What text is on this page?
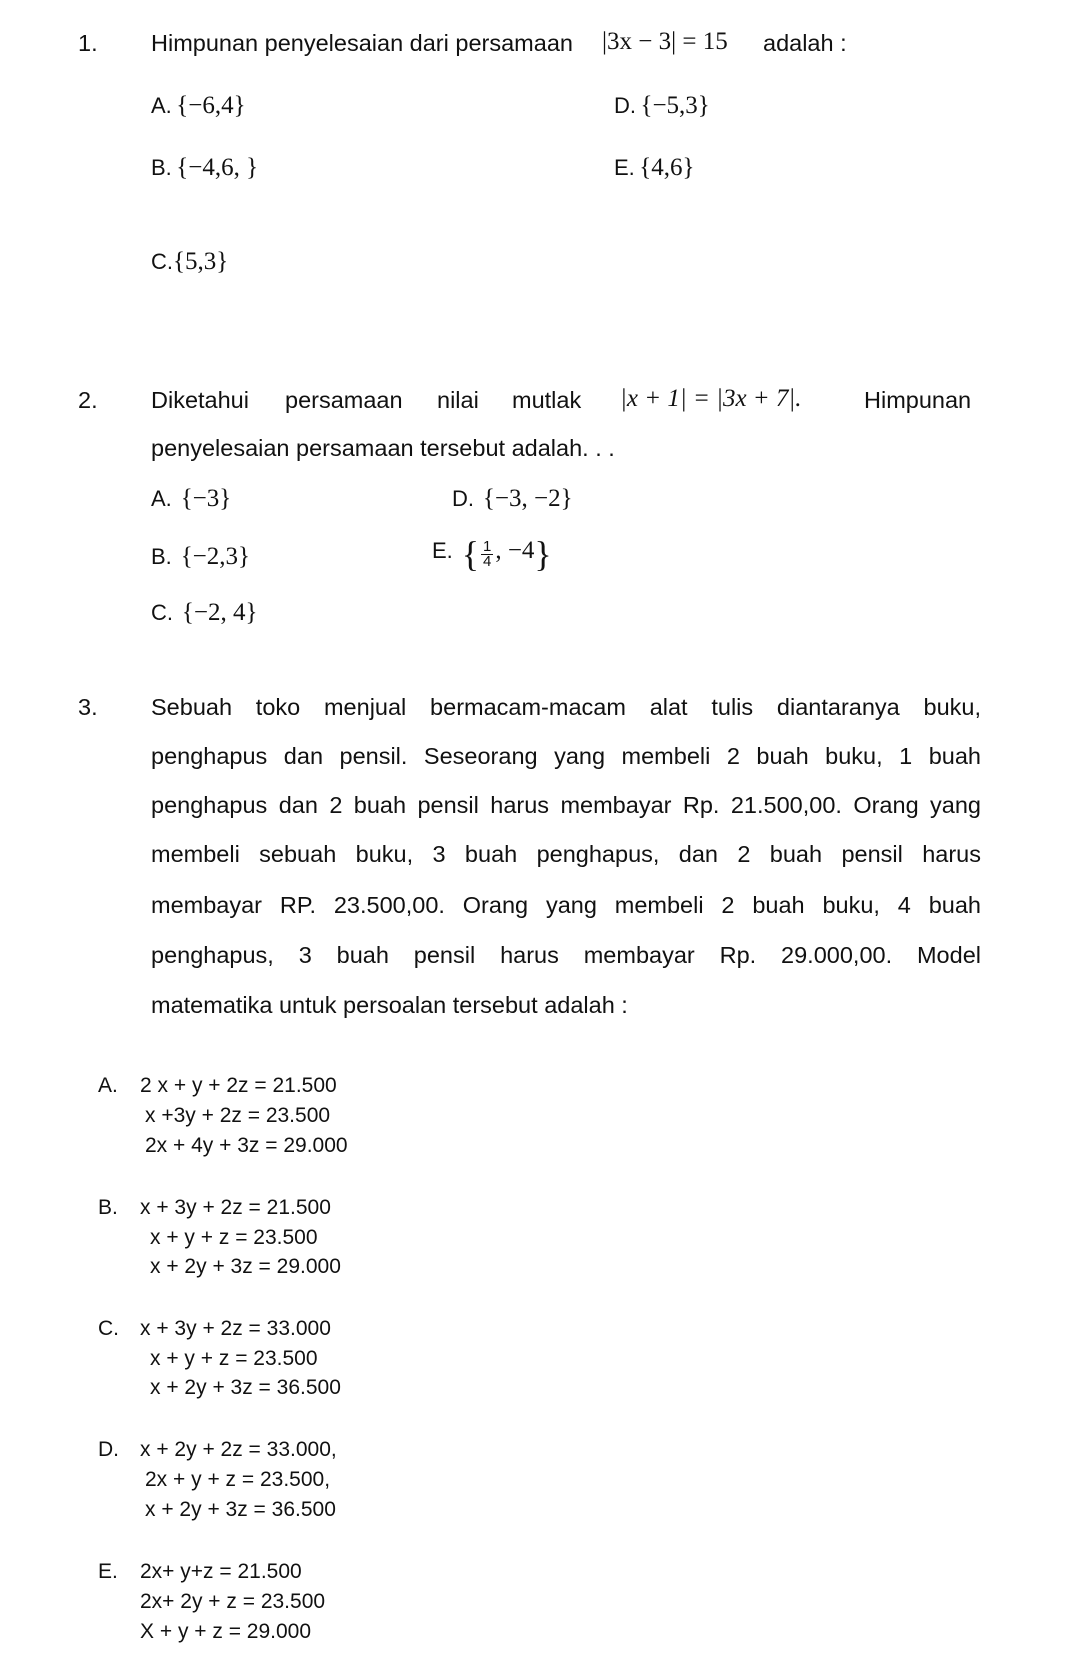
1. Himpunan penyelesaian dari persamaan |3x − 3| = 15 adalah :
A. {−6,4}
B. {−4,6, }
C.{5,3}
D. {−5,3}
E. {4,6}
2. Diketahui persamaan nilai mutlak |x + 1| = |3x + 7|.	Himpunan
penyelesaian persamaan tersebut adalah. . .
A. {−3}
B. {−2,3}
C. {−2, 4}
D. {−3, −2}
E. { $\frac{1}{4}$ , −4}
3. Sebuah toko menjual bermacam-macam alat tulis diantaranya buku,
penghapus dan pensil. Seseorang yang membeli 2 buah buku, 1 buah
penghapus dan 2 buah pensil harus membayar Rp. 21.500,00. Orang yang
membeli sebuah buku, 3 buah penghapus, dan 2 buah pensil harus
membayar RP. 23.500,00. Orang yang membeli 2 buah buku, 4 buah
penghapus, 3 buah pensil harus membayar Rp. 29.000,00. Model
matematika untuk persoalan tersebut adalah :
A. 2 x + y + 2z = 21.500
x +3y + 2z = 23.500
2x + 4y + 3z = 29.000
B. x + 3y + 2z = 21.500
x + y + z = 23.500
x + 2y + 3z = 29.000
C. x + 3y + 2z = 33.000
x + y + z = 23.500
x + 2y + 3z = 36.500
D. x + 2y + 2z = 33.000,
2x + y + z = 23.500,
x + 2y + 3z = 36.500
E. 2x+ y+z = 21.500
2x+ 2y + z = 23.500
X + y + z = 29.000
